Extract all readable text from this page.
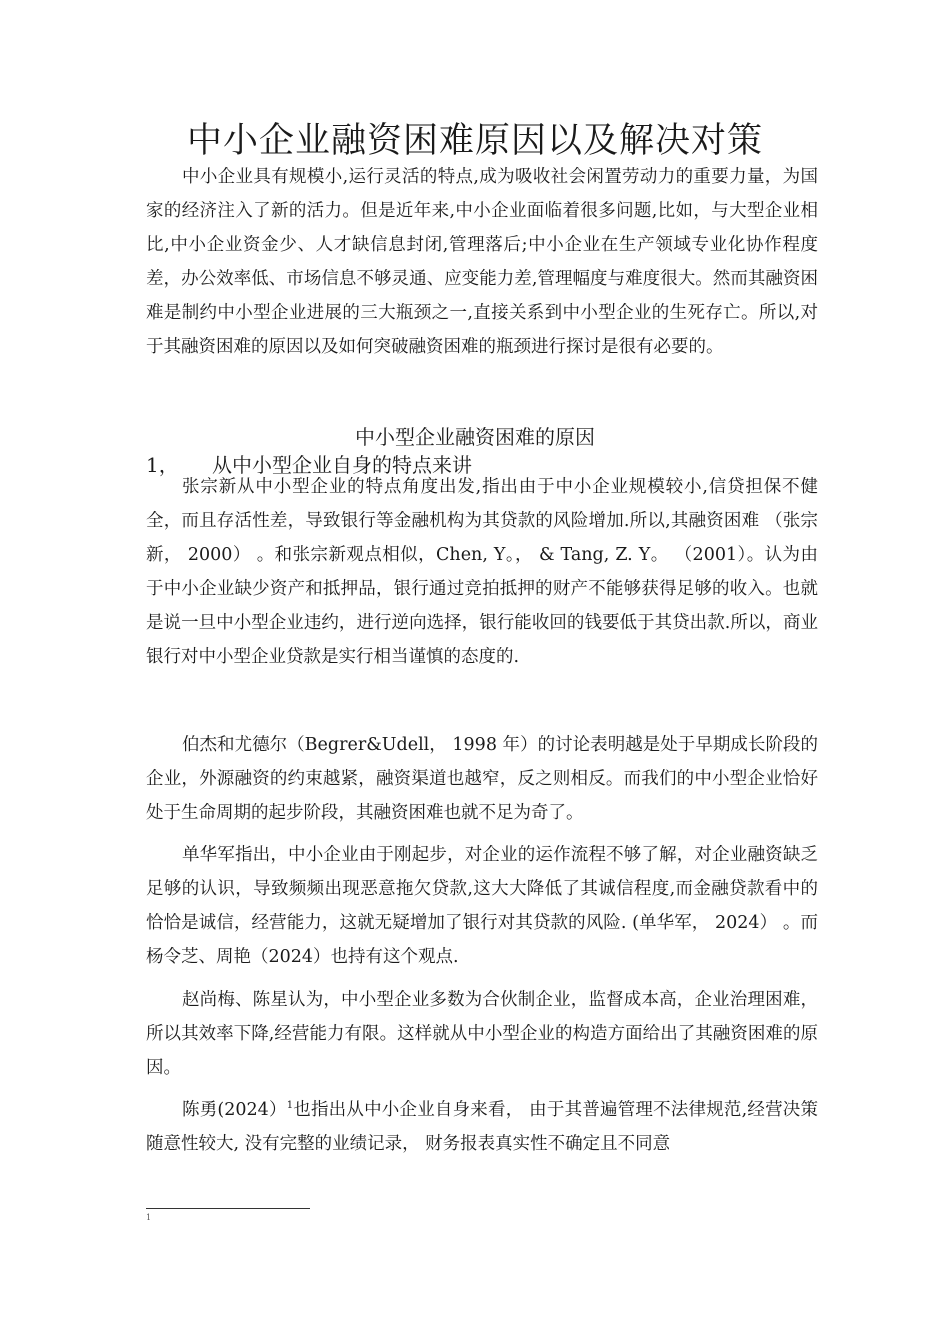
中小企业融资困难原因以及解决对策

中小企业具有规模小,运行灵活的特点,成为吸收社会闲置劳动力的重要力量，为国家的经济注入了新的活力。但是近年来,中小企业面临着很多问题,比如，与大型企业相比,中小企业资金少、人才缺信息封闭,管理落后;中小企业在生产领域专业化协作程度差，办公效率低、市场信息不够灵通、应变能力差,管理幅度与难度很大。然而其融资困难是制约中小型企业进展的三大瓶颈之一,直接关系到中小型企业的生死存亡。所以,对于其融资困难的原因以及如何突破融资困难的瓶颈进行探讨是很有必要的。

中小型企业融资困难的原因
1， 从中小型企业自身的特点来讲

张宗新从中小型企业的特点角度出发,指出由于中小企业规模较小,信贷担保不健全，而且存活性差，导致银行等金融机构为其贷款的风险增加.所以,其融资困难 （张宗新， 2000） 。和张宗新观点相似，Chen, Y。， & Tang, Z. Y。 （2001）。认为由于中小企业缺少资产和抵押品，银行通过竞拍抵押的财产不能够获得足够的收入。也就是说一旦中小型企业违约，进行逆向选择，银行能收回的钱要低于其贷出款.所以，商业银行对中小型企业贷款是实行相当谨慎的态度的.

伯杰和尤德尔（Begrer&Udell， 1998 年）的讨论表明越是处于早期成长阶段的企业，外源融资的约束越紧，融资渠道也越窄，反之则相反。而我们的中小型企业恰好处于生命周期的起步阶段，其融资困难也就不足为奇了。

单华军指出，中小企业由于刚起步，对企业的运作流程不够了解，对企业融资缺乏足够的认识，导致频频出现恶意拖欠贷款,这大大降低了其诚信程度,而金融贷款看中的恰恰是诚信，经营能力，这就无疑增加了银行对其贷款的风险. (单华军， 2024） 。而杨令芝、周艳（2024）也持有这个观点.

赵尚梅、陈星认为，中小型企业多数为合伙制企业，监督成本高，企业治理困难，所以其效率下降,经营能力有限。这样就从中小型企业的构造方面给出了其融资困难的原因。

陈勇(2024）$^1$也指出从中小企业自身来看， 由于其普遍管理不法律规范,经营决策随意性较大, 没有完整的业绩记录， 财务报表真实性不确定且不同意

1
